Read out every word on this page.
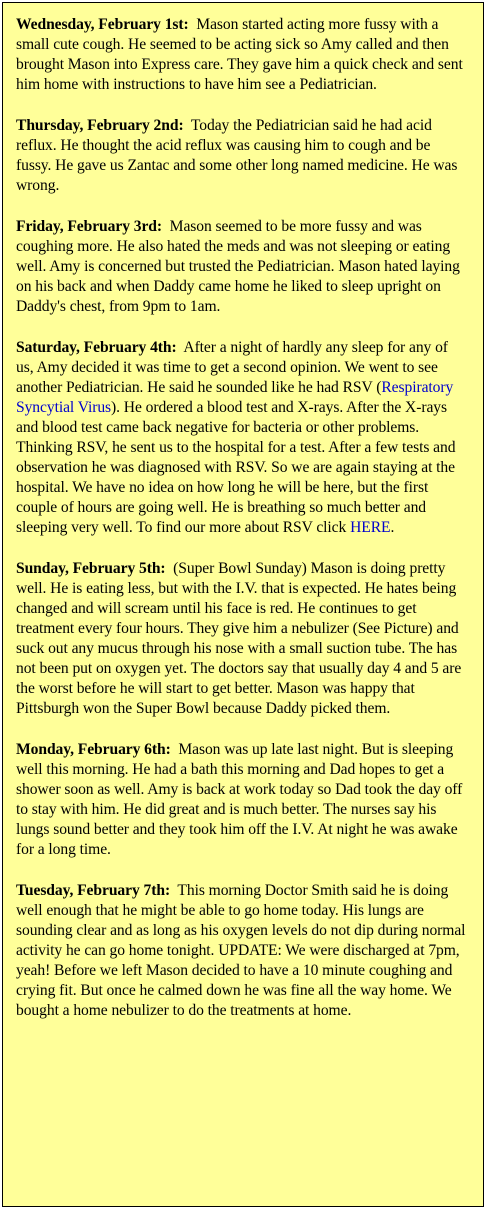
Wednesday, February 1st: Mason started acting more fussy with a small cute cough. He seemed to be acting sick so Amy called and then brought Mason into Express care. They gave him a quick check and sent him home with instructions to have him see a Pediatrician.

Thursday, February 2nd: Today the Pediatrician said he had acid reflux. He thought the acid reflux was causing him to cough and be fussy. He gave us Zantac and some other long named medicine. He was wrong.

Friday, February 3rd: Mason seemed to be more fussy and was coughing more. He also hated the meds and was not sleeping or eating well. Amy is concerned but trusted the Pediatrician. Mason hated laying on his back and when Daddy came home he liked to sleep upright on Daddy's chest, from 9pm to 1am.

Saturday, February 4th: After a night of hardly any sleep for any of us, Amy decided it was time to get a second opinion. We went to see another Pediatrician. He said he sounded like he had RSV (Respiratory Syncytial Virus). He ordered a blood test and X-rays. After the X-rays and blood test came back negative for bacteria or other problems. Thinking RSV, he sent us to the hospital for a test. After a few tests and observation he was diagnosed with RSV. So we are again staying at the hospital. We have no idea on how long he will be here, but the first couple of hours are going well. He is breathing so much better and sleeping very well. To find our more about RSV click HERE.

Sunday, February 5th: (Super Bowl Sunday) Mason is doing pretty well. He is eating less, but with the I.V. that is expected. He hates being changed and will scream until his face is red. He continues to get treatment every four hours. They give him a nebulizer (See Picture) and suck out any mucus through his nose with a small suction tube. The has not been put on oxygen yet. The doctors say that usually day 4 and 5 are the worst before he will start to get better. Mason was happy that Pittsburgh won the Super Bowl because Daddy picked them.

Monday, February 6th: Mason was up late last night. But is sleeping well this morning. He had a bath this morning and Dad hopes to get a shower soon as well. Amy is back at work today so Dad took the day off to stay with him. He did great and is much better. The nurses say his lungs sound better and they took him off the I.V. At night he was awake for a long time.

Tuesday, February 7th: This morning Doctor Smith said he is doing well enough that he might be able to go home today. His lungs are sounding clear and as long as his oxygen levels do not dip during normal activity he can go home tonight. UPDATE: We were discharged at 7pm, yeah! Before we left Mason decided to have a 10 minute coughing and crying fit. But once he calmed down he was fine all the way home. We bought a home nebulizer to do the treatments at home.
